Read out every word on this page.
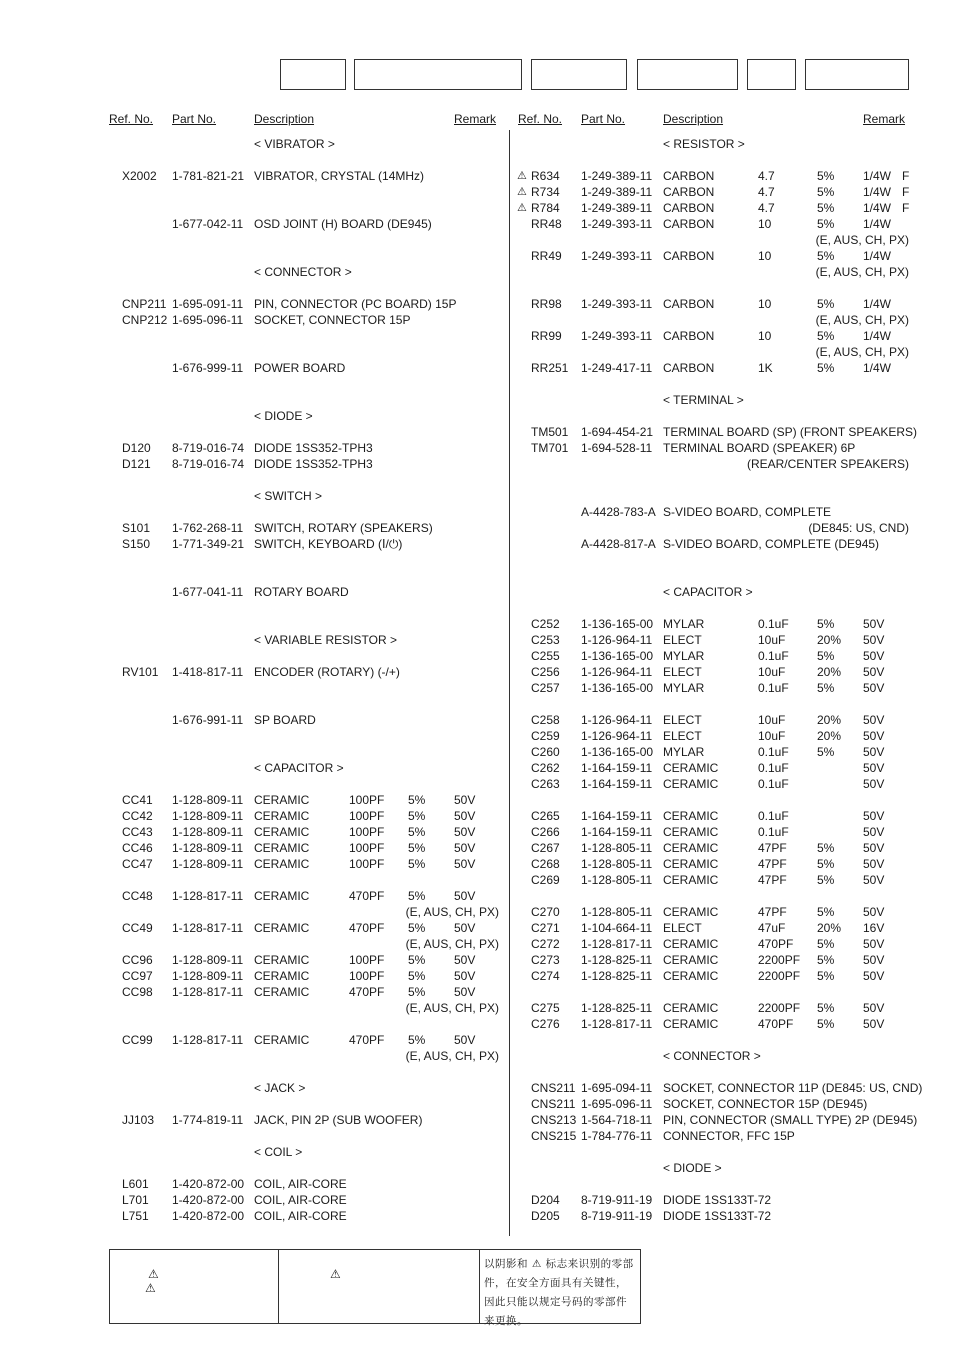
Ref. No. Part No.	Description	Remark Ref. No. Part No.	Description	Remark
< VIBRATOR >
X2002 1-781-821-21 VIBRATOR, CRYSTAL (14MHz)
1-677-042-11 OSD JOINT (H) BOARD (DE945)
< CONNECTOR >
CNP211 1-695-091-11 PIN, CONNECTOR (PC BOARD) 15P
CNP212 1-695-096-11 SOCKET, CONNECTOR 15P
1-676-999-11 POWER BOARD
< DIODE >
D120 8-719-016-74 DIODE 1SS352-TPH3
D121 8-719-016-74 DIODE 1SS352-TPH3
< SWITCH >
S101 1-762-268-11 SWITCH, ROTARY (SPEAKERS)
S150 1-771-349-21 SWITCH, KEYBOARD (Ⅰ/⏻)
1-677-041-11 ROTARY BOARD
< VARIABLE RESISTOR >
RV101 1-418-817-11 ENCODER (ROTARY) (-/+)
1-676-991-11 SP BOARD
< CAPACITOR >
CC41 1-128-809-11 CERAMIC	100PF 5% 50V
CC42 1-128-809-11 CERAMIC	100PF 5% 50V
CC43 1-128-809-11 CERAMIC	100PF 5% 50V
CC46 1-128-809-11 CERAMIC	100PF 5% 50V
CC47 1-128-809-11 CERAMIC	100PF 5% 50V
CC48 1-128-817-11 CERAMIC	470PF 5% 50V
(E, AUS, CH, PX)
CC49 1-128-817-11 CERAMIC	470PF 5% 50V
(E, AUS, CH, PX)
CC96 1-128-809-11 CERAMIC	100PF 5% 50V
CC97 1-128-809-11 CERAMIC	100PF 5% 50V
CC98 1-128-817-11 CERAMIC	470PF 5% 50V
(E, AUS, CH, PX)
CC99 1-128-817-11 CERAMIC	470PF 5% 50V
(E, AUS, CH, PX)
< JACK >
JJ103 1-774-819-11 JACK, PIN 2P (SUB WOOFER)
< COIL >
L601 1-420-872-00 COIL, AIR-CORE
L701 1-420-872-00 COIL, AIR-CORE
L751 1-420-872-00 COIL, AIR-CORE
< RESISTOR >
⚠ R634 1-249-389-11 CARBON	4.7	5% 1/4W F
⚠ R734 1-249-389-11 CARBON	4.7	5% 1/4W F
⚠ R784 1-249-389-11 CARBON	4.7	5% 1/4W F
RR48 1-249-393-11 CARBON	10	5% 1/4W
(E, AUS, CH, PX)
RR49 1-249-393-11 CARBON	10	5% 1/4W
(E, AUS, CH, PX)
RR98 1-249-393-11 CARBON	10	5% 1/4W
(E, AUS, CH, PX)
RR99 1-249-393-11 CARBON	10	5% 1/4W
(E, AUS, CH, PX)
RR251 1-249-417-11 CARBON	1K	5% 1/4W
< TERMINAL >
TM501 1-694-454-21 TERMINAL BOARD (SP) (FRONT SPEAKERS)
TM701 1-694-528-11 TERMINAL BOARD (SPEAKER) 6P
(REAR/CENTER SPEAKERS)
A-4428-783-A S-VIDEO BOARD, COMPLETE
(DE845: US, CND)
A-4428-817-A S-VIDEO BOARD, COMPLETE (DE945)
< CAPACITOR >
C252 1-136-165-00 MYLAR	0.1uF 5% 50V
C253 1-126-964-11 ELECT	10uF	20% 50V
C255 1-136-165-00 MYLAR	0.1uF 5% 50V
C256 1-126-964-11 ELECT	10uF	20% 50V
C257 1-136-165-00 MYLAR	0.1uF 5% 50V
C258 1-126-964-11 ELECT	10uF	20% 50V
C259 1-126-964-11 ELECT	10uF	20% 50V
C260 1-136-165-00 MYLAR	0.1uF 5% 50V
C262 1-164-159-11 CERAMIC	0.1uF	50V
C263 1-164-159-11 CERAMIC	0.1uF	50V
C265 1-164-159-11 CERAMIC	0.1uF	50V
C266 1-164-159-11 CERAMIC	0.1uF	50V
C267 1-128-805-11 CERAMIC	47PF	5% 50V
C268 1-128-805-11 CERAMIC	47PF	5% 50V
C269 1-128-805-11 CERAMIC	47PF	5% 50V
C270 1-128-805-11 CERAMIC	47PF	5% 50V
C271 1-104-664-11 ELECT	47uF	20% 16V
C272 1-128-817-11 CERAMIC	470PF 5% 50V
C273 1-128-825-11 CERAMIC	2200PF 5% 50V
C274 1-128-825-11 CERAMIC	2200PF 5% 50V
C275 1-128-825-11 CERAMIC	2200PF 5% 50V
C276 1-128-817-11 CERAMIC	470PF 5% 50V
< CONNECTOR >
CNS211 1-695-094-11 SOCKET, CONNECTOR 11P (DE845: US, CND)
CNS211 1-695-096-11 SOCKET, CONNECTOR 15P (DE945)
CNS213 1-564-718-11 PIN, CONNECTOR (SMALL TYPE) 2P (DE945)
CNS215 1-784-776-11 CONNECTOR, FFC 15P
< DIODE >
D204 8-719-911-19 DIODE 1SS133T-72
D205 8-719-911-19 DIODE 1SS133T-72
⚠
⚠
⚠
以阴影和 ⚠ 标志来识别的零部件，在安全方面具有关键性，因此只能以规定号码的零部件来更换。
